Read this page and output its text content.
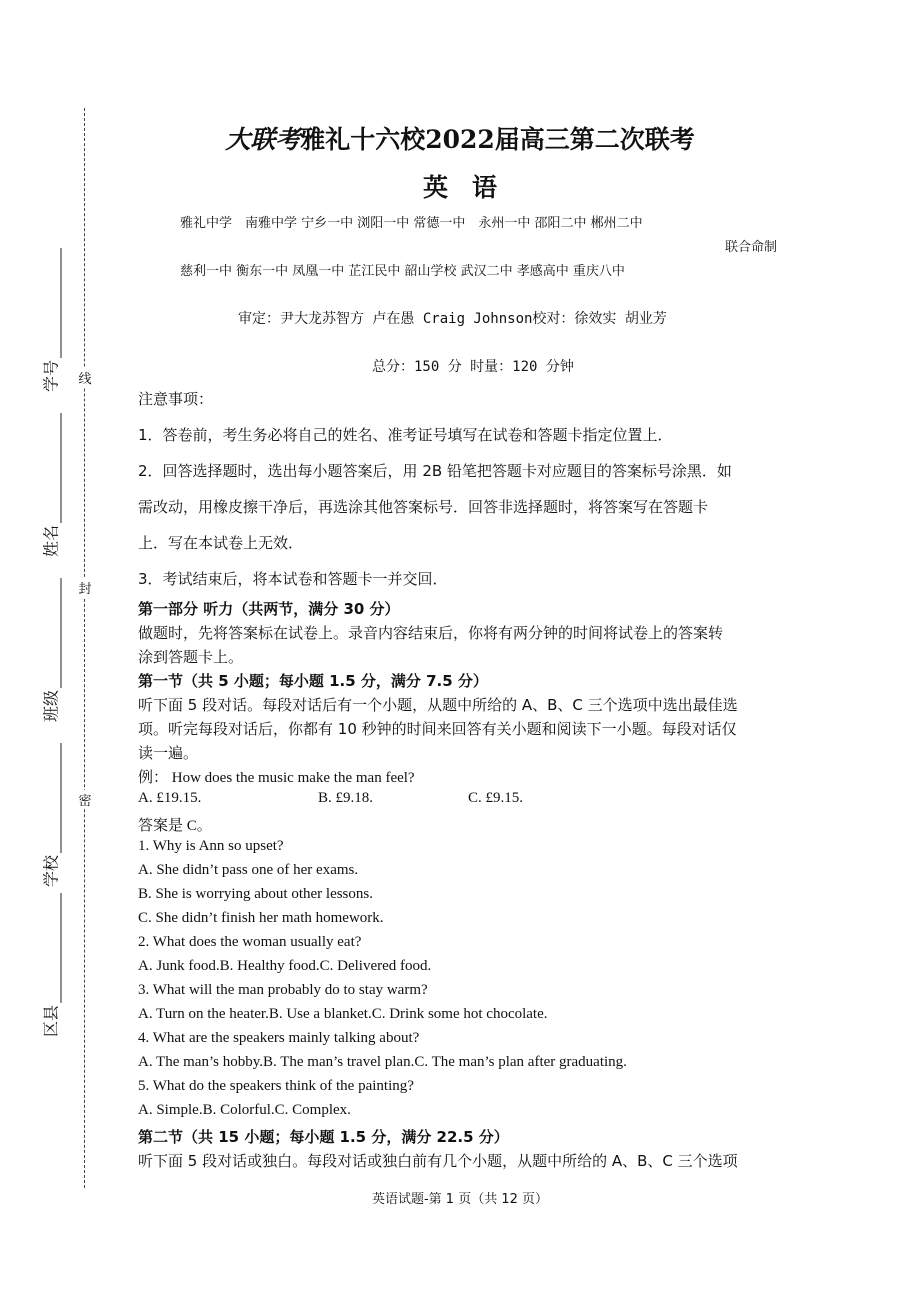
线
封
密
学号
姓名
班级
学校
区县
大联考雅礼十六校2022届高三第二次联考
英语
雅礼中学　南雅中学 宁乡一中 浏阳一中 常德一中　永州一中 邵阳二中 郴州二中
联合命制
慈利一中 衡东一中 凤凰一中 芷江民中 韶山学校 武汉二中 孝感高中 重庆八中
审定：尹大龙苏智方 卢在愚 Craig Johnson校对：徐效实 胡业芳
总分：150 分 时量：120 分钟
注意事项：
1．答卷前，考生务必将自己的姓名、准考证号填写在试卷和答题卡指定位置上．
2．回答选择题时，选出每小题答案后，用 2B 铅笔把答题卡对应题目的答案标号涂黑．如
需改动，用橡皮擦干净后，再选涂其他答案标号．回答非选择题时，将答案写在答题卡
上．写在本试卷上无效．
3．考试结束后，将本试卷和答题卡一并交回．
第一部分 听力（共两节，满分 30 分）
做题时，先将答案标在试卷上。录音内容结束后，你将有两分钟的时间将试卷上的答案转
涂到答题卡上。
第一节（共 5 小题；每小题 1.5 分，满分 7.5 分）
听下面 5 段对话。每段对话后有一个小题，从题中所给的 A、B、C 三个选项中选出最佳选
项。听完每段对话后，你都有 10 秒钟的时间来回答有关小题和阅读下一小题。每段对话仅
读一遍。
例： How does the music make the man feel?
A. £19.15.	B. £9.18.	C. £9.15.
答案是 C。
1. Why is Ann so upset?
A. She didn’t pass one of her exams.
B. She is worrying about other lessons.
C. She didn’t finish her math homework.
2. What does the woman usually eat?
A. Junk food.B. Healthy food.C. Delivered food.
3. What will the man probably do to stay warm?
A. Turn on the heater.B. Use a blanket.C. Drink some hot chocolate.
4. What are the speakers mainly talking about?
A. The man’s hobby.B. The man’s travel plan.C. The man’s plan after graduating.
5. What do the speakers think of the painting?
A. Simple.B. Colorful.C. Complex.
第二节（共 15 小题；每小题 1.5 分，满分 22.5 分）
听下面 5 段对话或独白。每段对话或独白前有几个小题，从题中所给的 A、B、C 三个选项
英语试题-第 1 页（共 12 页）
